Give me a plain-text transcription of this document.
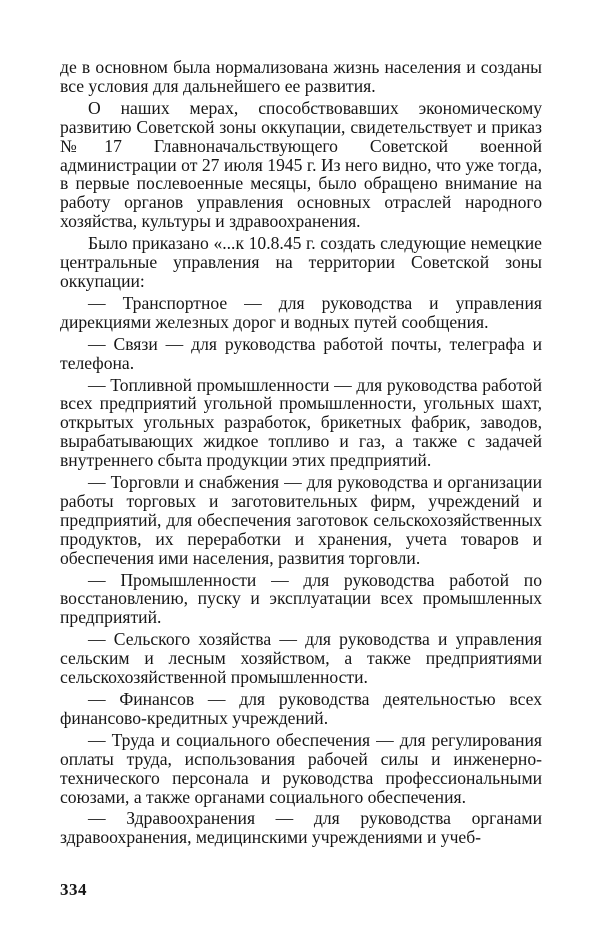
де в основном была нормализована жизнь населения и созданы все условия для дальнейшего ее развития.

О наших мерах, способствовавших экономическому развитию Советской зоны оккупации, свидетельствует и приказ №17 Главноначальствующего Советской военной администрации от 27 июля 1945 г. Из него видно, что уже тогда, в первые послевоенные месяцы, было обращено внимание на работу органов управления основных отраслей народного хозяйства, культуры и здравоохранения.

Было приказано «...к 10.8.45 г. создать следующие немецкие центральные управления на территории Советской зоны оккупации:

— Транспортное — для руководства и управления дирекциями железных дорог и водных путей сообщения.

— Связи — для руководства работой почты, телеграфа и телефона.

— Топливной промышленности — для руководства работой всех предприятий угольной промышленности, угольных шахт, открытых угольных разработок, брикетных фабрик, заводов, вырабатывающих жидкое топливо и газ, а также с задачей внутреннего сбыта продукции этих предприятий.

— Торговли и снабжения — для руководства и организации работы торговых и заготовительных фирм, учреждений и предприятий, для обеспечения заготовок сельскохозяйственных продуктов, их переработки и хранения, учета товаров и обеспечения ими населения, развития торговли.

— Промышленности — для руководства работой по восстановлению, пуску и эксплуатации всех промышленных предприятий.

— Сельского хозяйства — для руководства и управления сельским и лесным хозяйством, а также предприятиями сельскохозяйственной промышленности.

— Финансов — для руководства деятельностью всех финансово-кредитных учреждений.

— Труда и социального обеспечения — для регулирования оплаты труда, использования рабочей силы и инженерно-технического персонала и руководства профессиональными союзами, а также органами социального обеспечения.

— Здравоохранения — для руководства органами здравоохранения, медицинскими учреждениями и учеб-

334
